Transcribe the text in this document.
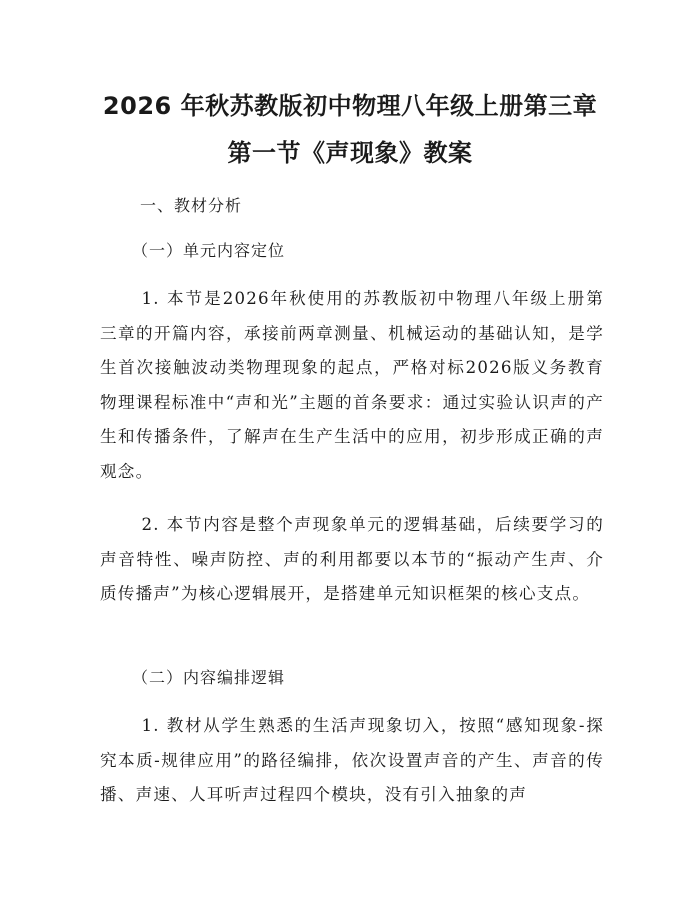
2026 年秋苏教版初中物理八年级上册第三章
第一节《声现象》教案
一、教材分析
（一）单元内容定位

1. 本节是2026年秋使用的苏教版初中物理八年级上册第三章的开篇内容，承接前两章测量、机械运动的基础认知，是学生首次接触波动类物理现象的起点，严格对标2026版义务教育物理课程标准中“声和光”主题的首条要求：通过实验认识声的产生和传播条件，了解声在生产生活中的应用，初步形成正确的声观念。

2. 本节内容是整个声现象单元的逻辑基础，后续要学习的声音特性、噪声防控、声的利用都要以本节的“振动产生声、介质传播声”为核心逻辑展开，是搭建单元知识框架的核心支点。

（二）内容编排逻辑

1. 教材从学生熟悉的生活声现象切入，按照“感知现象-探究本质-规律应用”的路径编排，依次设置声音的产生、声音的传播、声速、人耳听声过程四个模块，没有引入抽象的声
